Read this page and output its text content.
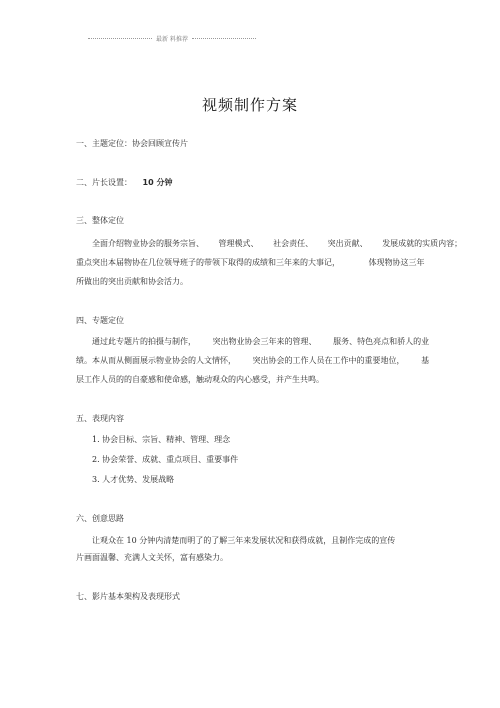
最新 料推荐
视频制作方案
一、主题定位：协会回顾宣传片
二、片长设置： 10 分钟
三、整体定位
全面介绍物业协会的服务宗旨、 管理模式、 社会责任、 突出贡献、 发展成就的实质内容；
重点突出本届物协在几位领导班子的带领下取得的成绩和三年来的大事记，	体现物协这三年
所做出的突出贡献和协会活力。
四、专题定位
通过此专题片的拍摄与制作， 突出物业协会三年来的管理、 服务、特色亮点和骄人的业
绩。本从而从侧面展示物业协会的人文情怀， 突出协会的工作人员在工作中的重要地位， 基
层工作人员的的自豪感和使命感，触动观众的内心感受，并产生共鸣。
五、表现内容
1. 协会目标、宗旨、精神、管理、理念
2. 协会荣誉、成就、重点项目、重要事件
3. 人才优势、发展战略
六、创意思路
让观众在 10 分钟内清楚而明了的了解三年来发展状况和获得成就，且制作完成的宣传
片画面温馨、充满人文关怀，富有感染力。
七、影片基本架构及表现形式
